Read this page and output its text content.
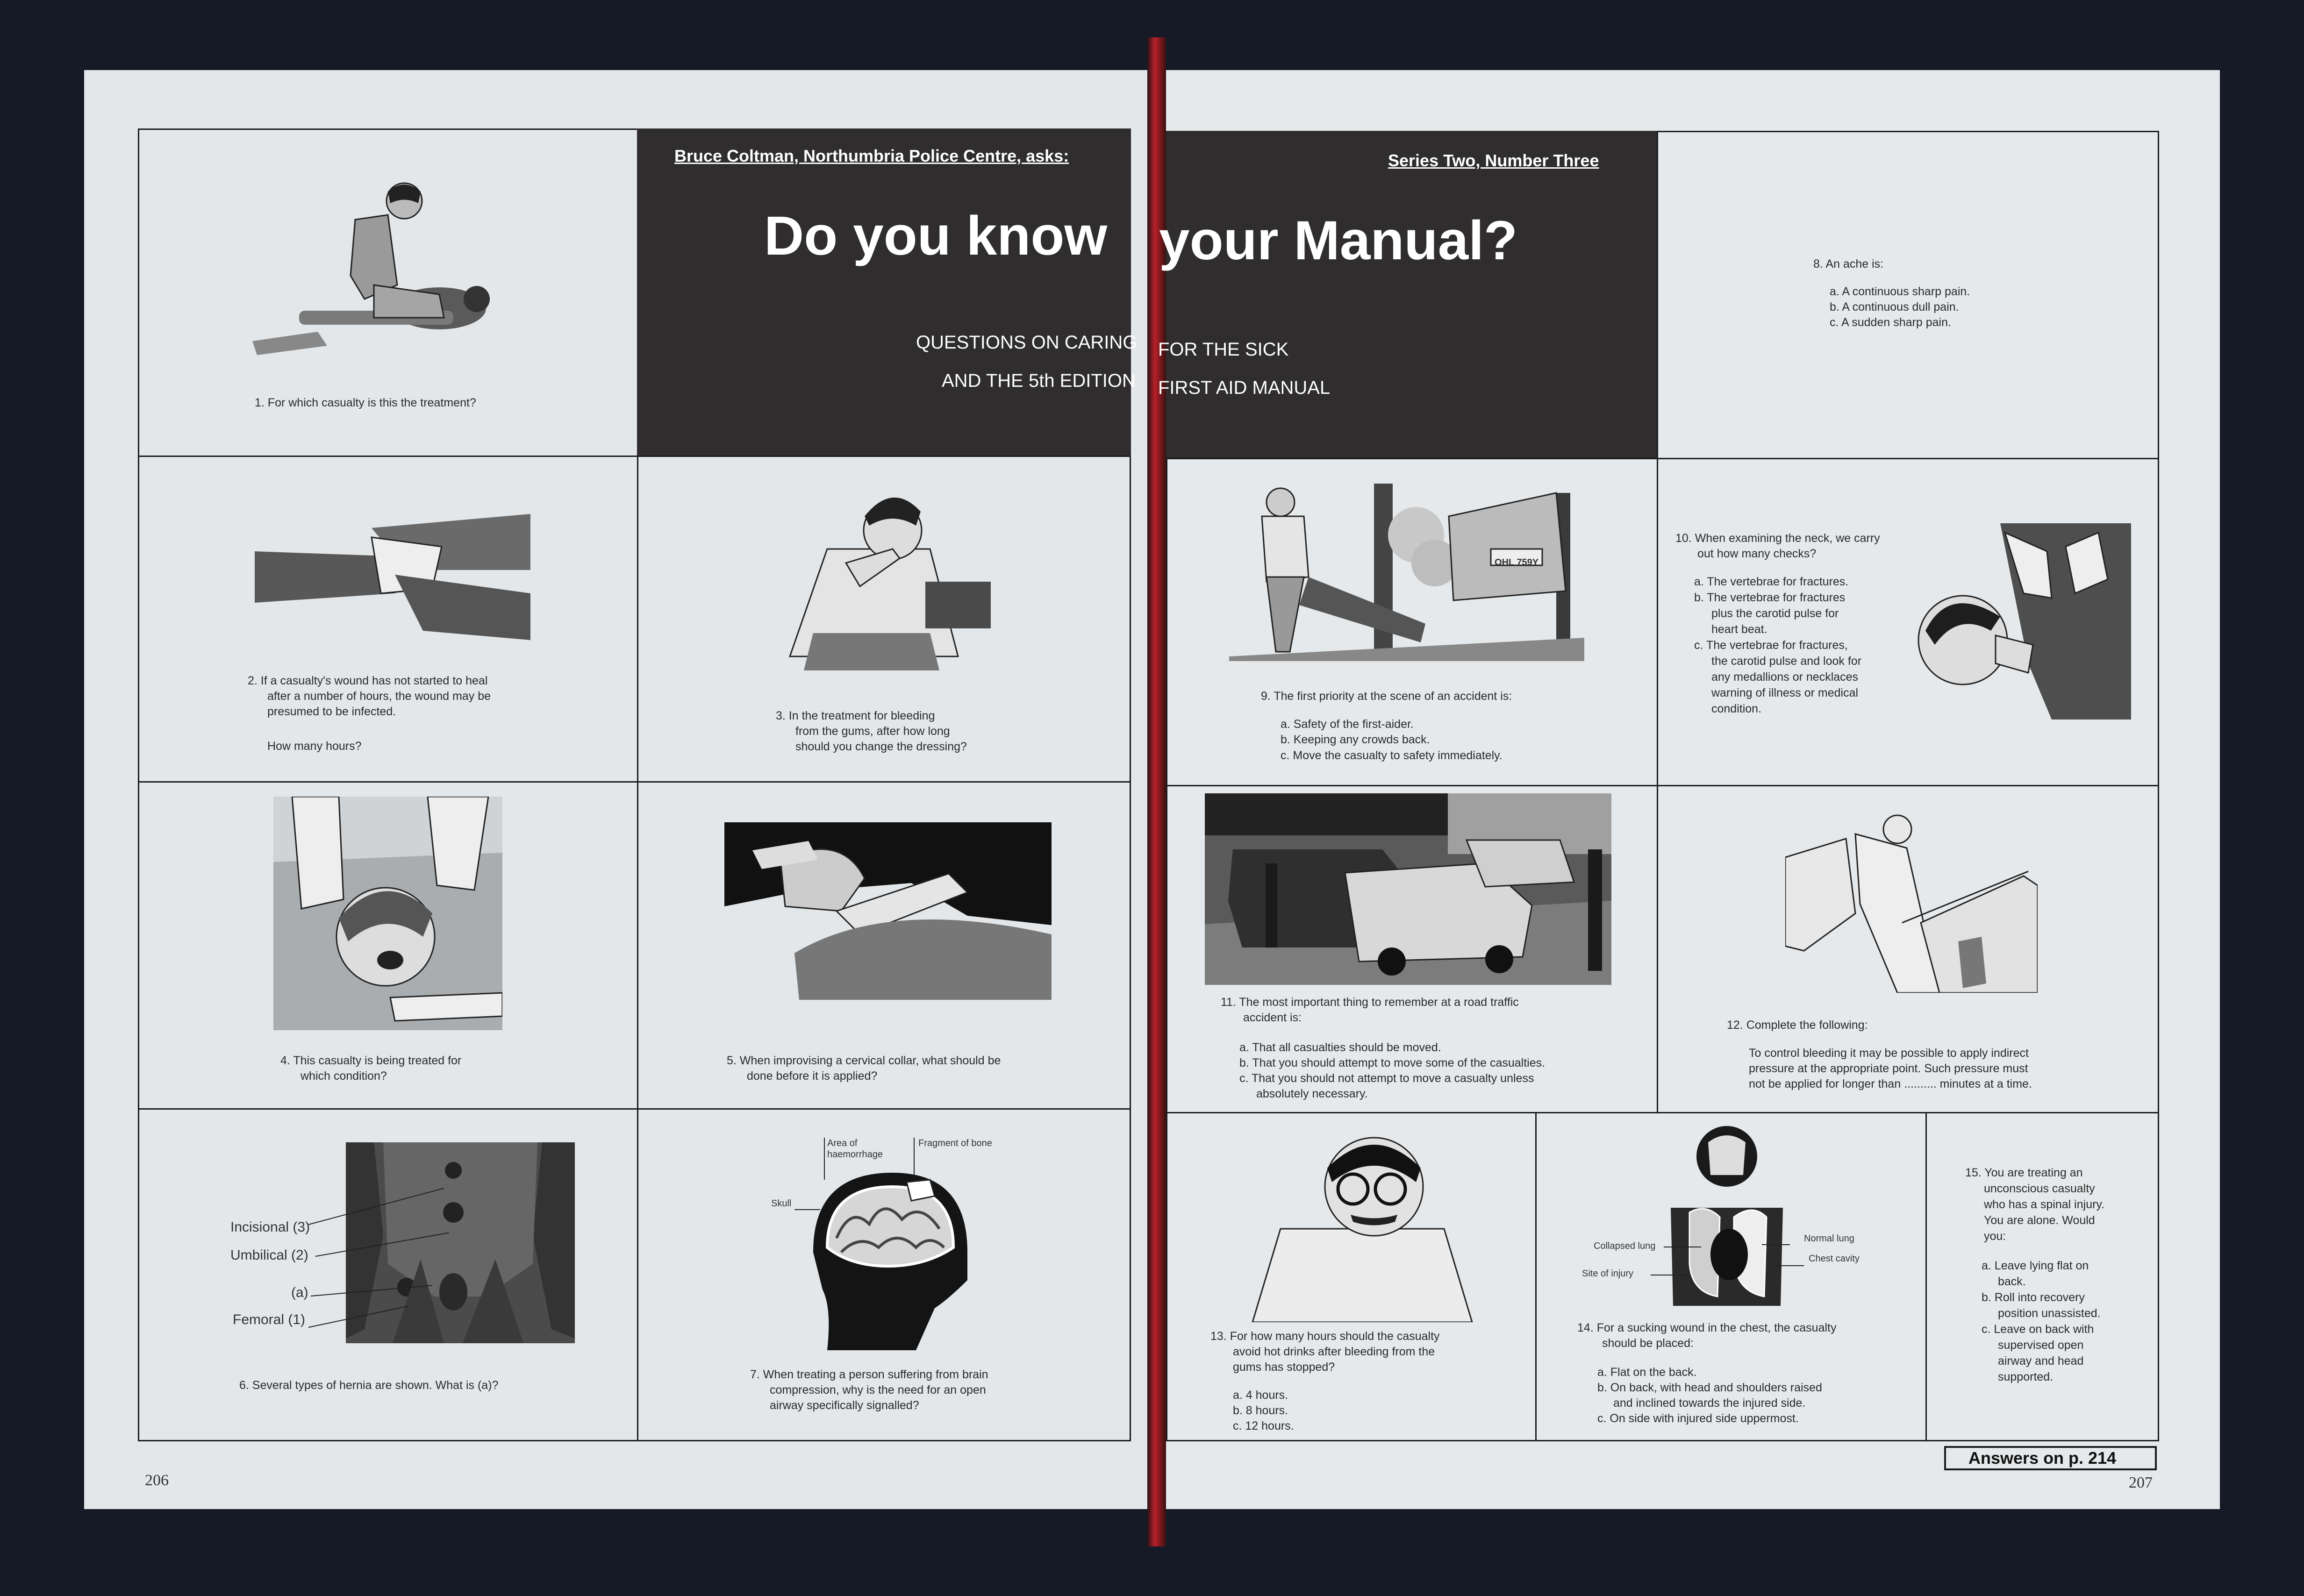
Bruce Coltman, Northumbria Police Centre, asks:	Series Two, Number Three
Do you know your Manual?
QUESTIONS ON CARING FOR THE SICK
AND THE 5th EDITION FIRST AID MANUAL
1. For which casualty is this the treatment?
2. If a casualty's wound has not started to heal
after a number of hours, the wound may be
presumed to be infected.
How many hours?
3. In the treatment for bleeding
from the gums, after how long
should you change the dressing?
4. This casualty is being treated for
which condition?
5. When improvising a cervical collar, what should be
done before it is applied?
Incisional (3)
Umbilical (2)
(a)
Femoral (1)
6. Several types of hernia are shown. What is (a)?
Area of
haemorrhage
Fragment of bone
Skull
7. When treating a person suffering from brain
compression, why is the need for an open
airway specifically signalled?
8. An ache is:
a. A continuous sharp pain.
b. A continuous dull pain.
c. A sudden sharp pain.
OHL 759Y
9. The first priority at the scene of an accident is:
a. Safety of the first-aider.
b. Keeping any crowds back.
c. Move the casualty to safety immediately.
10. When examining the neck, we carry
out how many checks?
a. The vertebrae for fractures.
b. The vertebrae for fractures
plus the carotid pulse for
heart beat.
c. The vertebrae for fractures,
the carotid pulse and look for
any medallions or necklaces
warning of illness or medical
condition.
11. The most important thing to remember at a road traffic
accident is:
a. That all casualties should be moved.
b. That you should attempt to move some of the casualties.
c. That you should not attempt to move a casualty unless
absolutely necessary.
12. Complete the following:
To control bleeding it may be possible to apply indirect
pressure at the appropriate point. Such pressure must
not be applied for longer than .......... minutes at a time.
13. For how many hours should the casualty
avoid hot drinks after bleeding from the
gums has stopped?
a. 4 hours.
b. 8 hours.
c. 12 hours.
Collapsed lung
Site of injury
Normal lung
Chest cavity
14. For a sucking wound in the chest, the casualty
should be placed:
a. Flat on the back.
b. On back, with head and shoulders raised
and inclined towards the injured side.
c. On side with injured side uppermost.
15. You are treating an
unconscious casualty
who has a spinal injury.
You are alone. Would
you:
a. Leave lying flat on
back.
b. Roll into recovery
position unassisted.
c. Leave on back with
supervised open
airway and head
supported.
Answers on p. 214
206	207
